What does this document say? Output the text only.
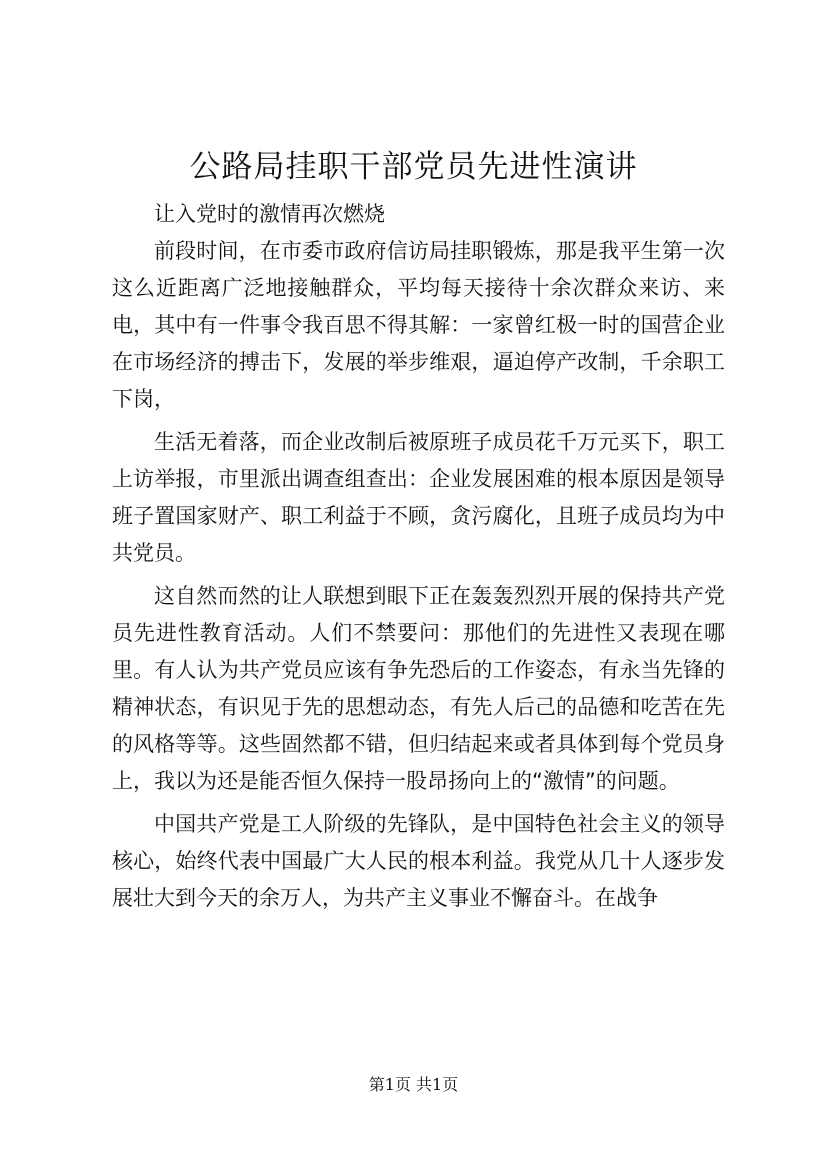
公路局挂职干部党员先进性演讲

让入党时的激情再次燃烧

前段时间，在市委市政府信访局挂职锻炼，那是我平生第一次这么近距离广泛地接触群众，平均每天接待十余次群众来访、来电，其中有一件事令我百思不得其解：一家曾红极一时的国营企业在市场经济的搏击下，发展的举步维艰，逼迫停产改制，千余职工下岗，

生活无着落，而企业改制后被原班子成员花千万元买下，职工上访举报，市里派出调查组查出：企业发展困难的根本原因是领导班子置国家财产、职工利益于不顾，贪污腐化，且班子成员均为中共党员。

这自然而然的让人联想到眼下正在轰轰烈烈开展的保持共产党员先进性教育活动。人们不禁要问：那他们的先进性又表现在哪里。有人认为共产党员应该有争先恐后的工作姿态，有永当先锋的精神状态，有识见于先的思想动态，有先人后己的品德和吃苦在先的风格等等。这些固然都不错，但归结起来或者具体到每个党员身上，我以为还是能否恒久保持一股昂扬向上的“激情”的问题。

中国共产党是工人阶级的先锋队，是中国特色社会主义的领导核心，始终代表中国最广大人民的根本利益。我党从几十人逐步发展壮大到今天的余万人，为共产主义事业不懈奋斗。在战争

第1页 共1页
